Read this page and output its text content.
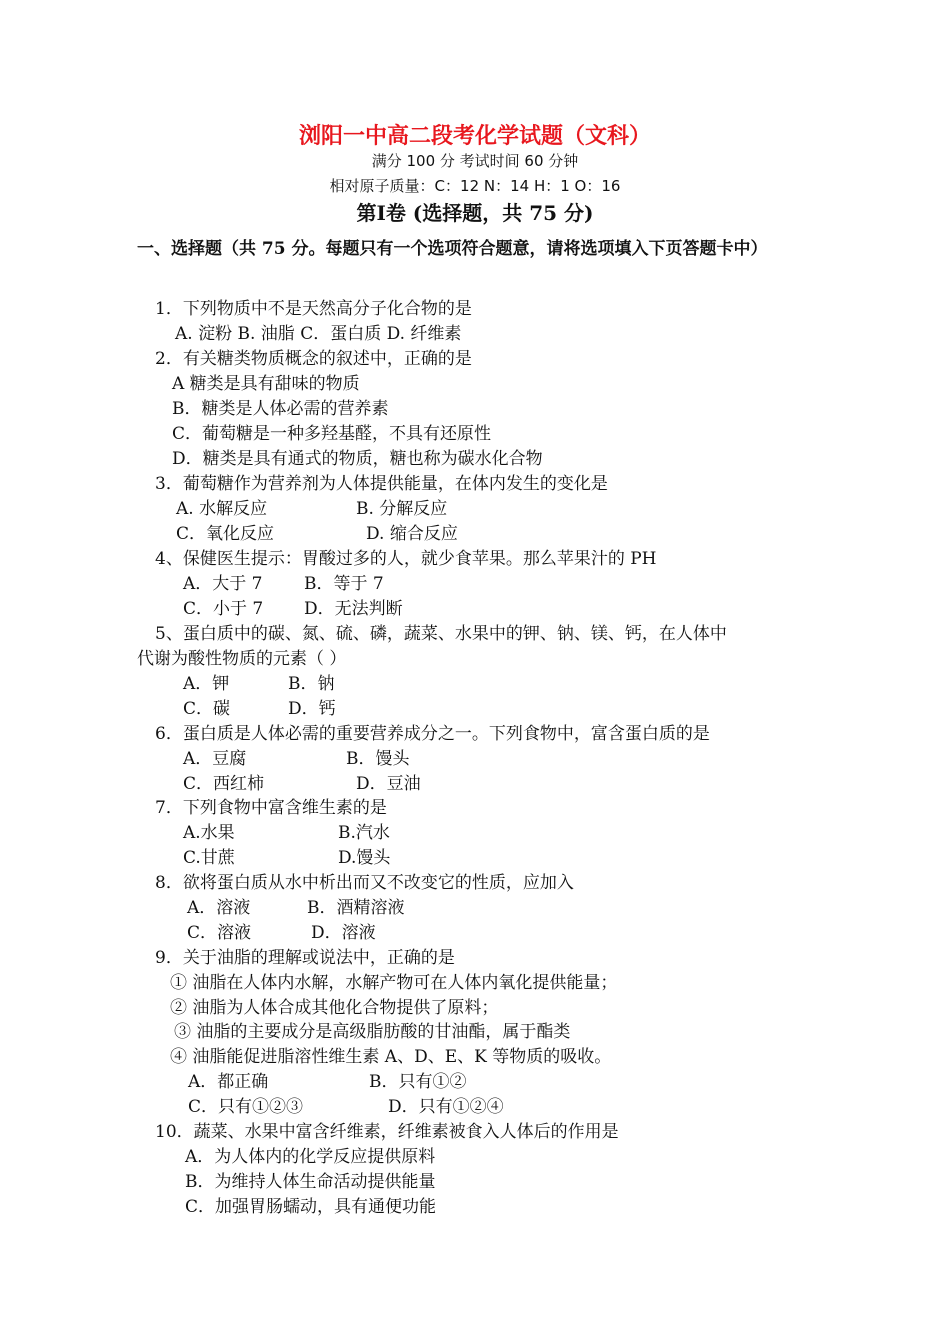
浏阳一中高二段考化学试题（文科）
满分 100 分 考试时间 60 分钟
相对原子质量：C：12 N：14 H：1 O：16
第Ⅰ卷 (选择题，共 75 分)
一、选择题（共 75 分。每题只有一个选项符合题意，请将选项填入下页答题卡中）
1．下列物质中不是天然高分子化合物的是
A. 淀粉 B. 油脂 C．蛋白质 D. 纤维素
2．有关糖类物质概念的叙述中，正确的是
A 糖类是具有甜味的物质
B．糖类是人体必需的营养素
C．葡萄糖是一种多羟基醛，不具有还原性
D．糖类是具有通式的物质，糖也称为碳水化合物
3．葡萄糖作为营养剂为人体提供能量，在体内发生的变化是
A. 水解反应	B. 分解反应
C．氧化反应	D. 缩合反应
4、保健医生提示：胃酸过多的人，就少食苹果。那么苹果汁的 PH
A．大于 7 B．等于 7
C．小于 7 D．无法判断
5、蛋白质中的碳、氮、硫、磷，蔬菜、水果中的钾、钠、镁、钙，在人体中
代谢为酸性物质的元素（ ）
A．钾	B．钠
C．碳	D．钙
6．蛋白质是人体必需的重要营养成分之一。下列食物中，富含蛋白质的是
A．豆腐	B．馒头
C．西红柿	D．豆油
7．下列食物中富含维生素的是
A.水果	B.汽水
C.甘蔗	D.馒头
8．欲将蛋白质从水中析出而又不改变它的性质，应加入
A．溶液	B．酒精溶液
C．溶液	D．溶液
9．关于油脂的理解或说法中，正确的是
① 油脂在人体内水解，水解产物可在人体内氧化提供能量；
② 油脂为人体合成其他化合物提供了原料；
③ 油脂的主要成分是高级脂肪酸的甘油酯，属于酯类
④ 油脂能促进脂溶性维生素 A、D、E、K 等物质的吸收。
A．都正确	B．只有①②
C．只有①②③	D．只有①②④
10．蔬菜、水果中富含纤维素，纤维素被食入人体后的作用是
A．为人体内的化学反应提供原料
B．为维持人体生命活动提供能量
C．加强胃肠蠕动，具有通便功能
